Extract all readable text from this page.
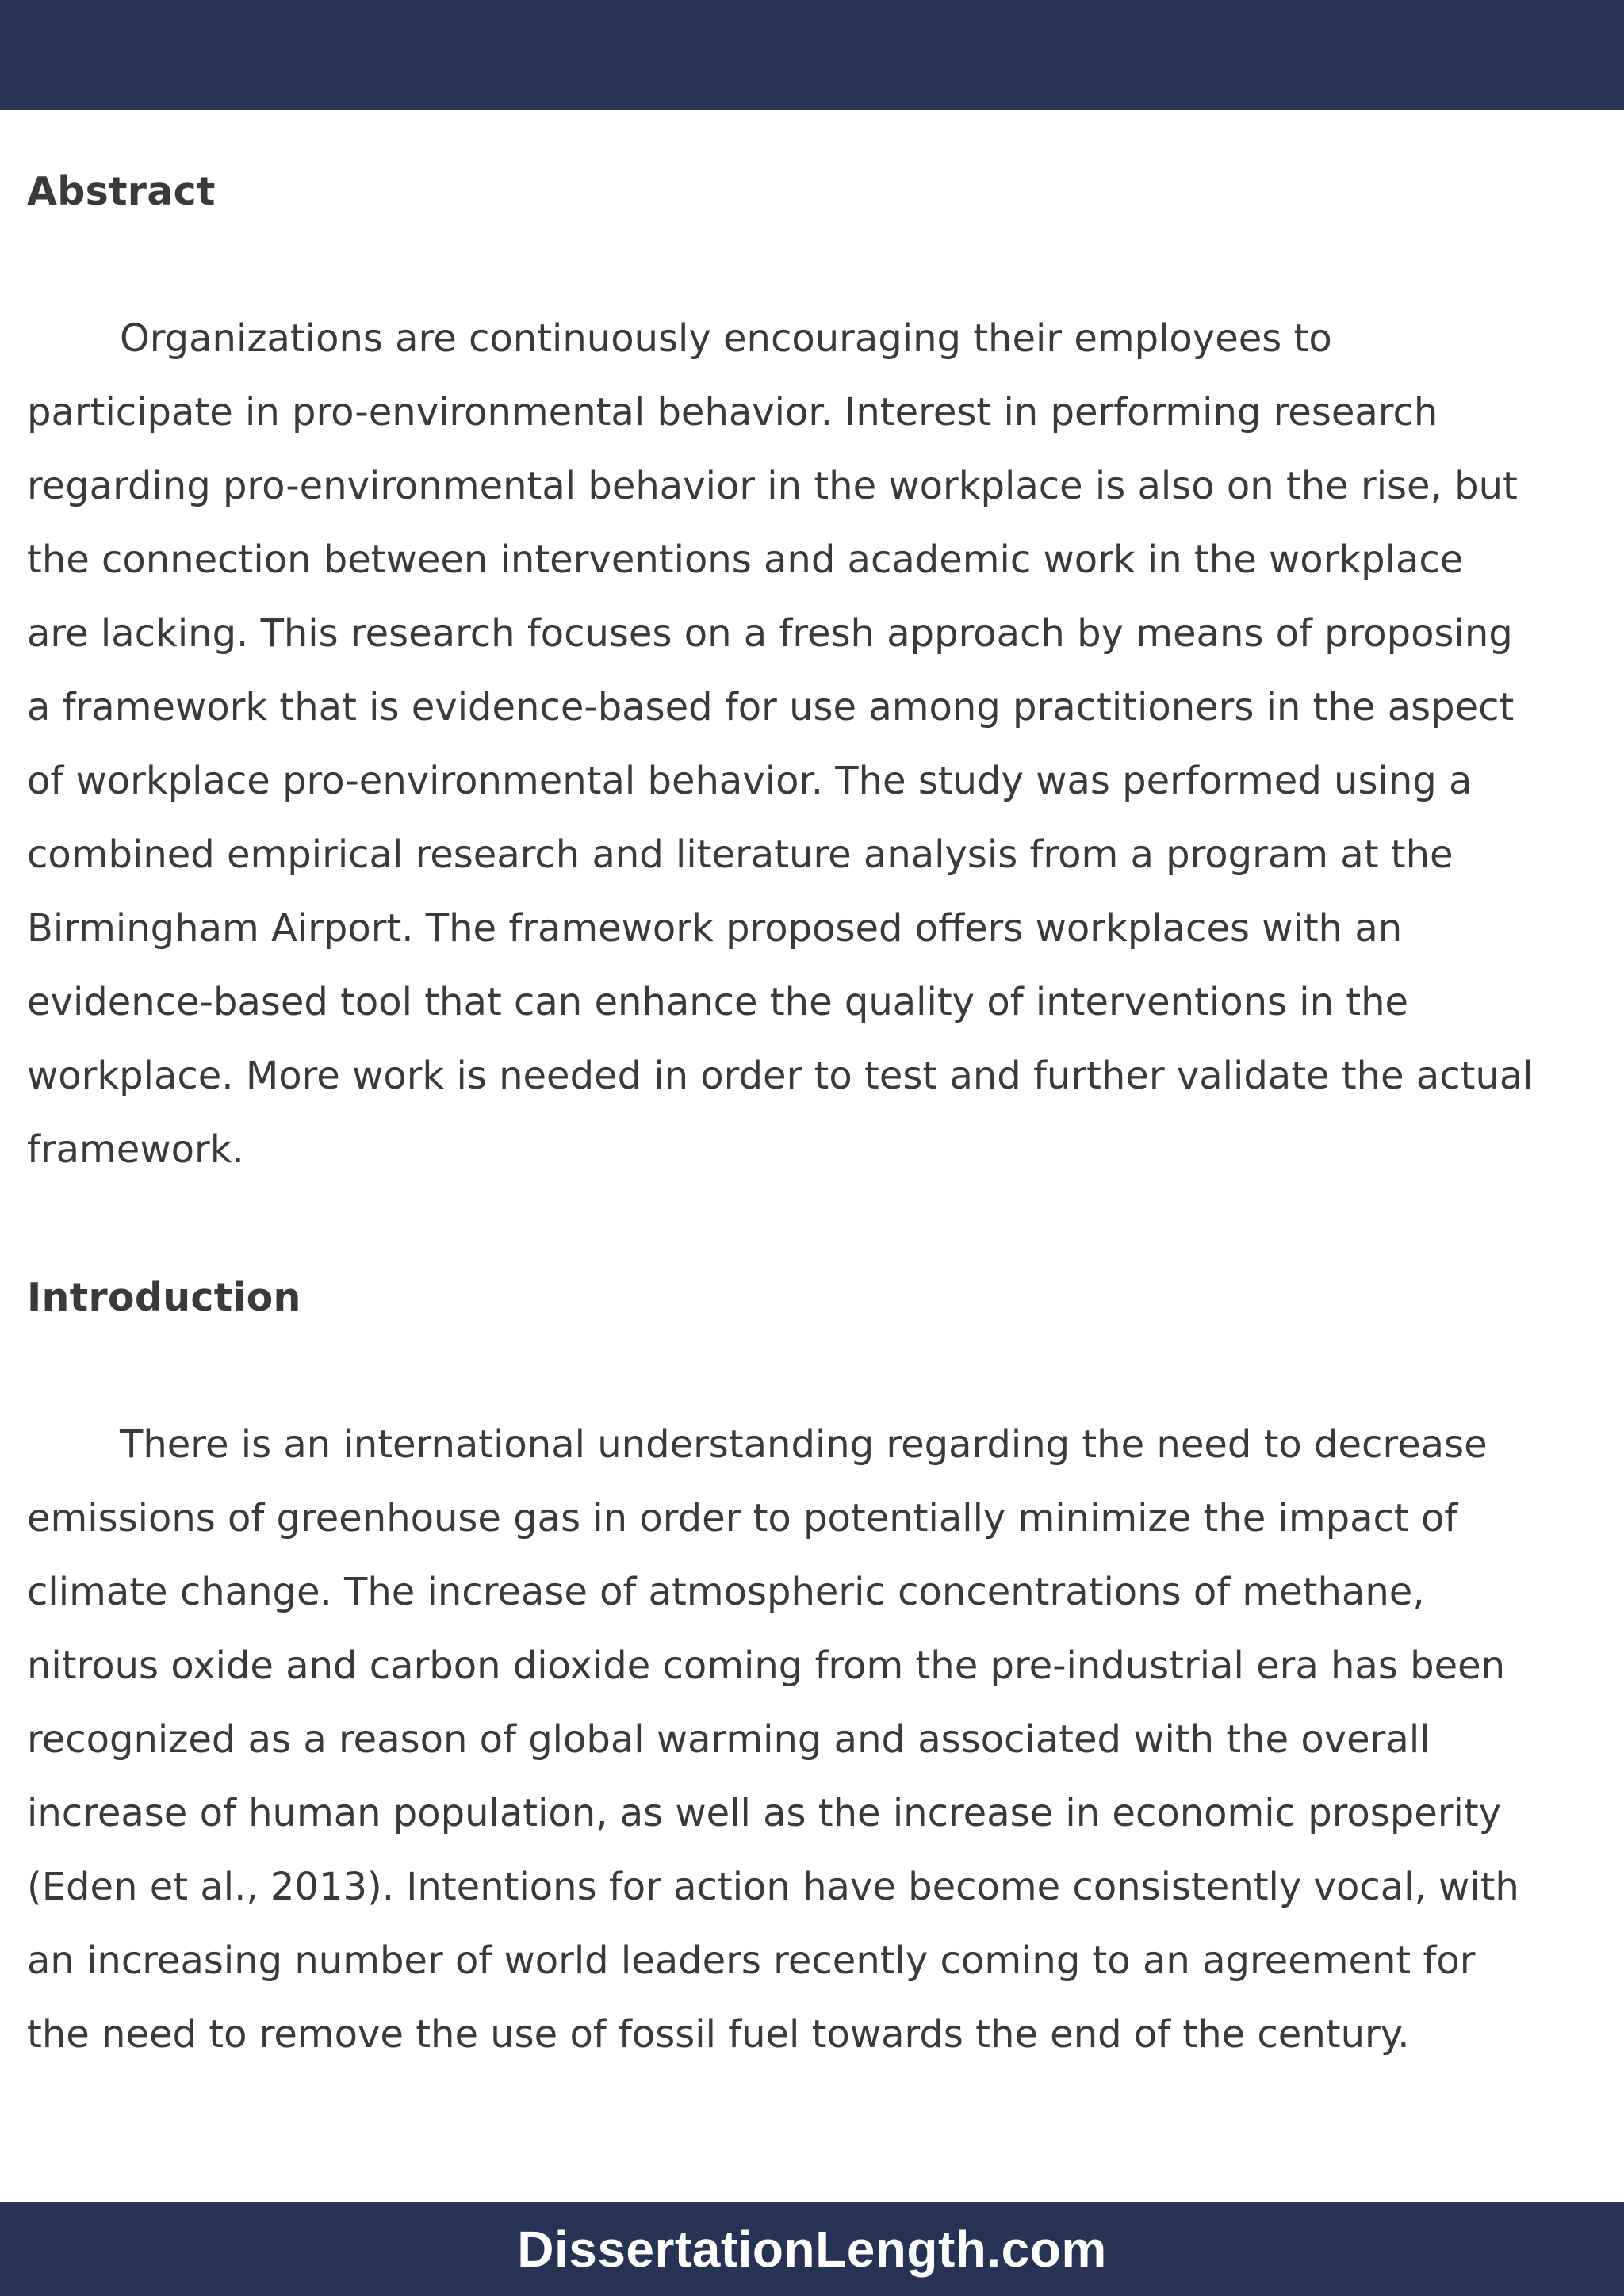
Abstract

Organizations are continuously encouraging their employees to
participate in pro-environmental behavior. Interest in performing research
regarding pro-environmental behavior in the workplace is also on the rise, but
the connection between interventions and academic work in the workplace
are lacking. This research focuses on a fresh approach by means of proposing
a framework that is evidence-based for use among practitioners in the aspect
of workplace pro-environmental behavior. The study was performed using a
combined empirical research and literature analysis from a program at the
Birmingham Airport. The framework proposed offers workplaces with an
evidence-based tool that can enhance the quality of interventions in the
workplace. More work is needed in order to test and further validate the actual
framework.

Introduction

There is an international understanding regarding the need to decrease
emissions of greenhouse gas in order to potentially minimize the impact of
climate change. The increase of atmospheric concentrations of methane,
nitrous oxide and carbon dioxide coming from the pre-industrial era has been
recognized as a reason of global warming and associated with the overall
increase of human population, as well as the increase in economic prosperity
(Eden et al., 2013). Intentions for action have become consistently vocal, with
an increasing number of world leaders recently coming to an agreement for
the need to remove the use of fossil fuel towards the end of the century.

DissertationLength.com
